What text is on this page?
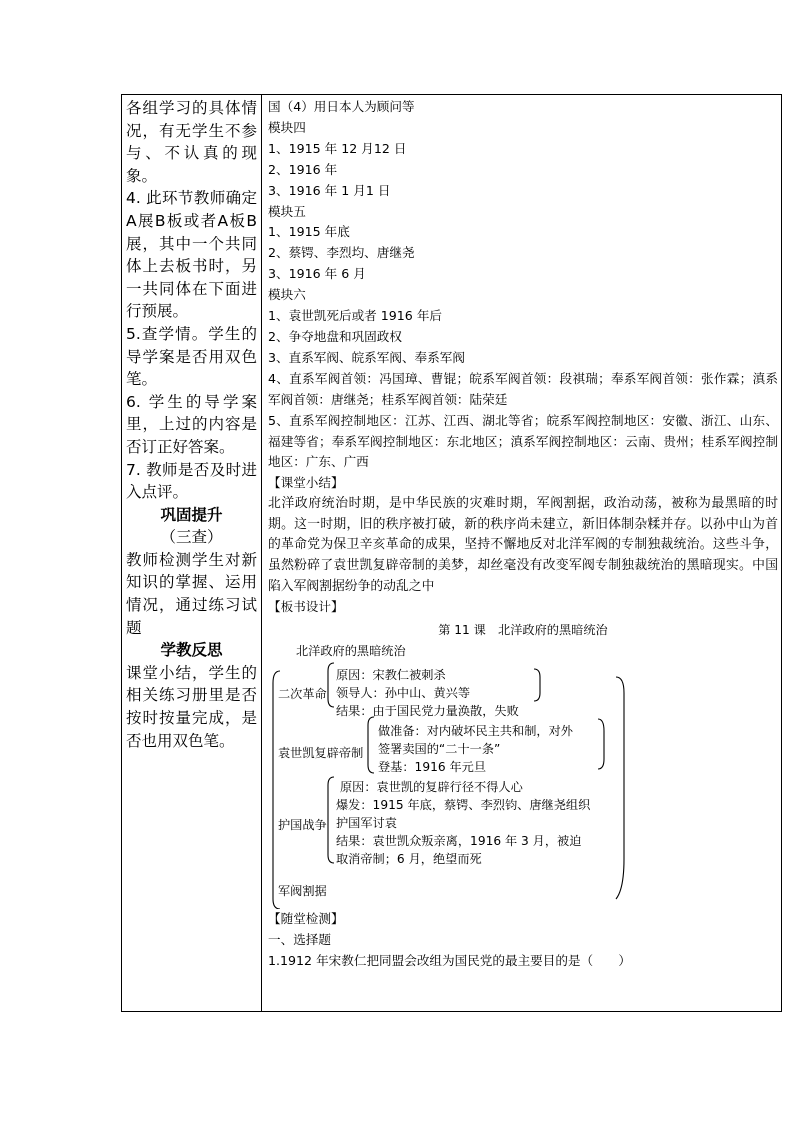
各组学习的具体情况，有无学生不参与、不认真的现象。

4. 此环节教师确定A展B板或者A板B展，其中一个共同体上去板书时，另一共同体在下面进行预展。

5.查学情。学生的导学案是否用双色笔。

6. 学生的导学案里，上过的内容是否订正好答案。

7. 教师是否及时进入点评。

巩固提升

（三查）

教师检测学生对新知识的掌握、运用情况，通过练习试题

学教反思

课堂小结，学生的相关练习册里是否按时按量完成，是否也用双色笔。

国（4）用日本人为顾问等

模块四

1、1915 年 12 月12 日

2、1916 年

3、1916 年 1 月1 日

模块五

1、1915 年底

2、蔡锷、李烈均、唐继尧

3、1916 年 6 月

模块六

1、袁世凯死后或者 1916 年后

2、争夺地盘和巩固政权

3、直系军阀、皖系军阀、奉系军阀

4、直系军阀首领：冯国璋、曹锟；皖系军阀首领：段祺瑞；奉系军阀首领：张作霖；滇系军阀首领：唐继尧；桂系军阀首领：陆荣廷

5、直系军阀控制地区：江苏、江西、湖北等省；皖系军阀控制地区：安徽、浙江、山东、福建等省；奉系军阀控制地区：东北地区；滇系军阀控制地区：云南、贵州；桂系军阀控制地区：广东、广西

【课堂小结】

北洋政府统治时期，是中华民族的灾难时期，军阀割据，政治动荡，被称为最黑暗的时期。这一时期，旧的秩序被打破，新的秩序尚未建立，新旧体制杂糅并存。以孙中山为首的革命党为保卫辛亥革命的成果，坚持不懈地反对北洋军阀的专制独裁统治。这些斗争，虽然粉碎了袁世凯复辟帝制的美梦，却丝毫没有改变军阀专制独裁统治的黑暗现实。中国陷入军阀割据纷争的动乱之中

【板书设计】

第 11 课　北洋政府的黑暗统治
北洋政府的黑暗统治
二次革命
原因：宋教仁被刺杀
领导人：孙中山、黄兴等
结果：由于国民党力量涣散，失败
袁世凯复辟帝制
做准备：对内破坏民主共和制，对外
签署卖国的“二十一条”
登基：1916 年元旦
护国战争
原因：袁世凯的复辟行径不得人心
爆发：1915 年底，蔡锷、李烈钧、唐继尧组织
护国军讨袁
结果：袁世凯众叛亲离，1916 年 3 月，被迫
取消帝制；6 月，绝望而死
军阀割据

【随堂检测】

一、选择题

1.1912 年宋教仁把同盟会改组为国民党的最主要目的是（　　）
